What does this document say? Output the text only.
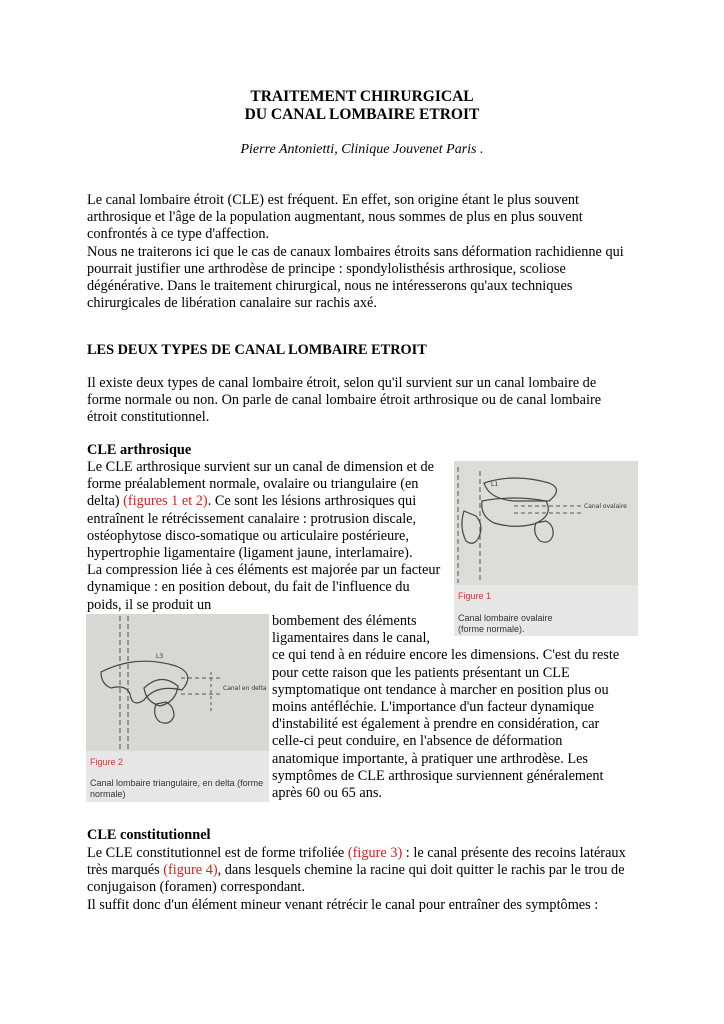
TRAITEMENT CHIRURGICAL
DU CANAL LOMBAIRE ETROIT
Pierre Antonietti, Clinique Jouvenet Paris .
Le canal lombaire étroit (CLE) est fréquent. En effet, son origine étant le plus souvent
arthrosique et l'âge de la population augmentant, nous sommes de plus en plus souvent
confrontés à ce type d'affection.
Nous ne traiterons ici que le cas de canaux lombaires étroits sans déformation rachidienne qui
pourrait justifier une arthrodèse de principe : spondylolisthésis arthrosique, scoliose
dégénérative. Dans le traitement chirurgical, nous ne intéresserons qu'aux techniques
chirurgicales de libération canalaire sur rachis axé.
LES DEUX TYPES DE CANAL LOMBAIRE ETROIT
Il existe deux types de canal lombaire étroit, selon qu'il survient sur un canal lombaire de
forme normale ou non. On parle de canal lombaire étroit arthrosique ou de canal lombaire
étroit constitutionnel.
CLE arthrosique
Le CLE arthrosique survient sur un canal de dimension et de
forme préalablement normale, ovalaire ou triangulaire (en
delta) (figures 1 et 2). Ce sont les lésions arthrosiques qui
entraînent le rétrécissement canalaire : protrusion discale,
ostéophytose disco-somatique ou articulaire postérieure,
hypertrophie ligamentaire (ligament jaune, interlamaire).
La compression liée à ces éléments est majorée par un facteur
dynamique : en position debout, du fait de l'influence du
poids, il se produit un
bombement des éléments
ligamentaires dans le canal,
ce qui tend à en réduire encore les dimensions. C'est du reste
pour cette raison que les patients présentant un CLE
symptomatique ont tendance à marcher en position plus ou
moins antéfléchie. L'importance d'un facteur dynamique
d'instabilité est également à prendre en considération, car
celle-ci peut conduire, en l'absence de déformation
anatomique importante, à pratiquer une arthrodèse. Les
symptômes de CLE arthrosique surviennent généralement
après 60 ou 65 ans.
L1
Canal ovalaire
Figure 1
Canal lombaire ovalaire
(forme normale).
L3
Canal en delta
Figure 2
Canal lombaire triangulaire, en delta (forme
normale)
CLE constitutionnel
Le CLE constitutionnel est de forme trifoliée (figure 3) : le canal présente des recoins latéraux
très marqués (figure 4), dans lesquels chemine la racine qui doit quitter le rachis par le trou de
conjugaison (foramen) correspondant.
Il suffit donc d'un élément mineur venant rétrécir le canal pour entraîner des symptômes :
